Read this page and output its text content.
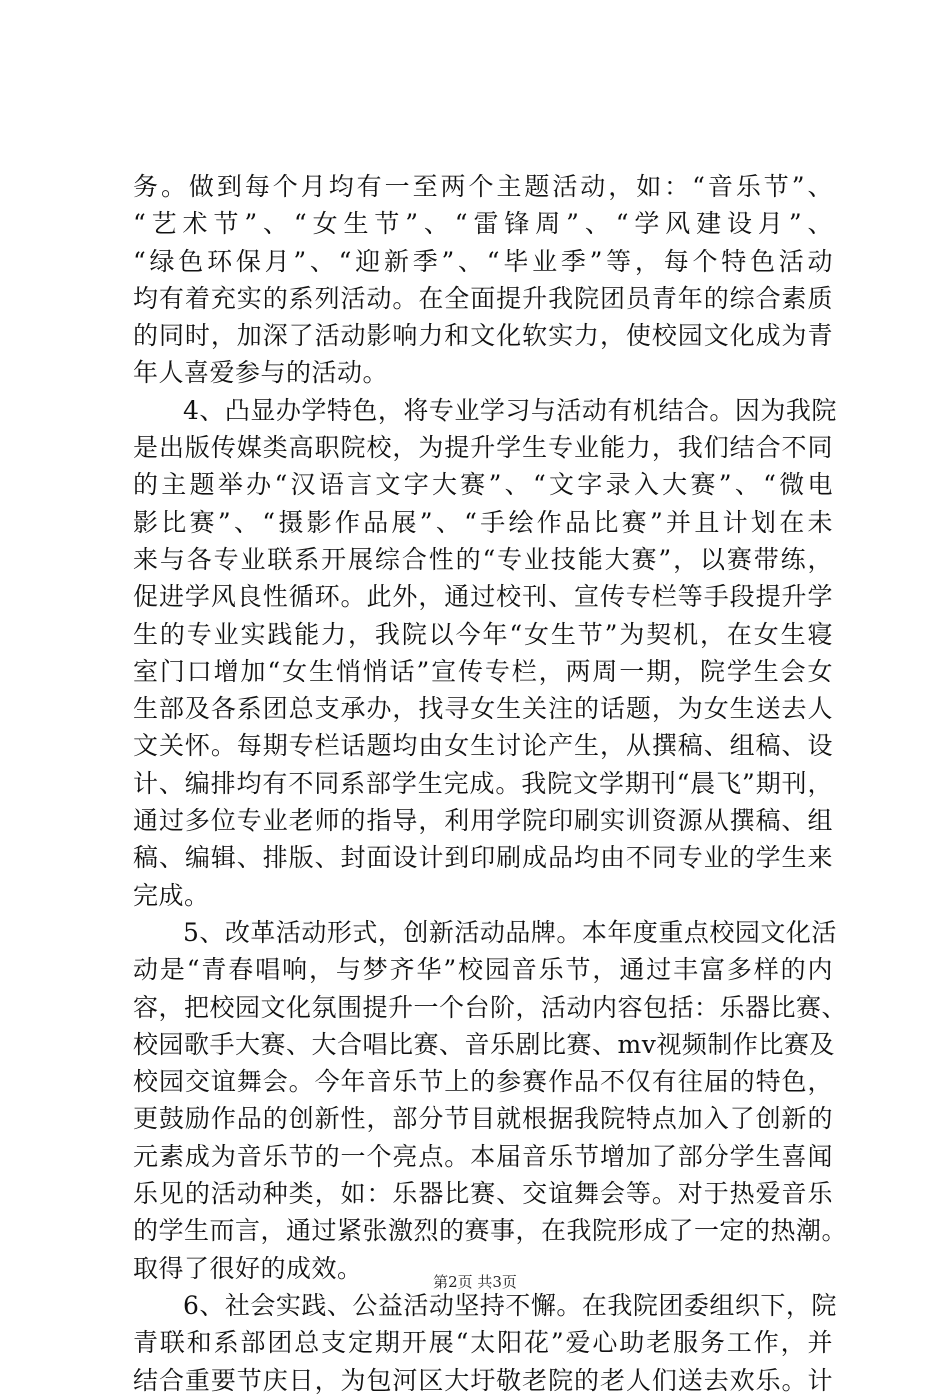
务。做到每个月均有一至两个主题活动，如：“音乐节”、
“艺术节”、“女生节”、“雷锋周”、“学风建设月”、
“绿色环保月”、“迎新季”、“毕业季”等，每个特色活动
均有着充实的系列活动。在全面提升我院团员青年的综合素质
的同时，加深了活动影响力和文化软实力，使校园文化成为青
年人喜爱参与的活动。
4、凸显办学特色，将专业学习与活动有机结合。因为我院
是出版传媒类高职院校，为提升学生专业能力，我们结合不同
的主题举办“汉语言文字大赛”、“文字录入大赛”、“微电
影比赛”、“摄影作品展”、“手绘作品比赛”并且计划在未
来与各专业联系开展综合性的“专业技能大赛”，以赛带练，
促进学风良性循环。此外，通过校刊、宣传专栏等手段提升学
生的专业实践能力，我院以今年“女生节”为契机，在女生寝
室门口增加“女生悄悄话”宣传专栏，两周一期，院学生会女
生部及各系团总支承办，找寻女生关注的话题，为女生送去人
文关怀。每期专栏话题均由女生讨论产生，从撰稿、组稿、设
计、编排均有不同系部学生完成。我院文学期刊“晨飞”期刊，
通过多位专业老师的指导，利用学院印刷实训资源从撰稿、组
稿、编辑、排版、封面设计到印刷成品均由不同专业的学生来
完成。
5、改革活动形式，创新活动品牌。本年度重点校园文化活
动是“青春唱响，与梦齐华”校园音乐节，通过丰富多样的内
容，把校园文化氛围提升一个台阶，活动内容包括：乐器比赛、
校园歌手大赛、大合唱比赛、音乐剧比赛、mv视频制作比赛及
校园交谊舞会。今年音乐节上的参赛作品不仅有往届的特色，
更鼓励作品的创新性，部分节目就根据我院特点加入了创新的
元素成为音乐节的一个亮点。本届音乐节增加了部分学生喜闻
乐见的活动种类，如：乐器比赛、交谊舞会等。对于热爱音乐
的学生而言，通过紧张激烈的赛事，在我院形成了一定的热潮。
取得了很好的成效。
6、社会实践、公益活动坚持不懈。在我院团委组织下，院
青联和系部团总支定期开展“太阳花”爱心助老服务工作，并
结合重要节庆日，为包河区大圩敬老院的老人们送去欢乐。计
第2页 共3页
